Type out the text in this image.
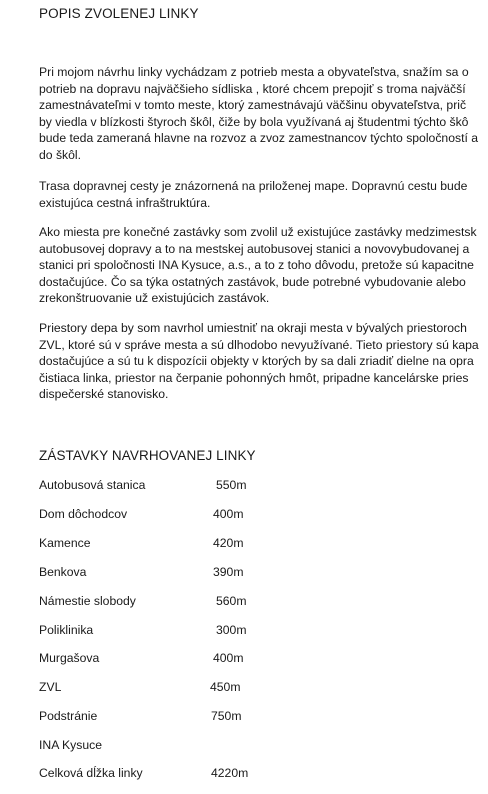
POPIS ZVOLENEJ LINKY
Pri mojom návrhu linky vychádzam z potrieb mesta a obyvateľstva, snažím sa o
potrieb na dopravu najväčšieho sídliska , ktoré chcem prepojiť s troma najväčší
zamestnávateľmi v tomto meste, ktorý zamestnávajú väčšinu obyvateľstva, prič
by viedla v blízkosti štyroch škôl, čiže by bola využívaná aj študentmi týchto škô
bude teda zameraná hlavne na rozvoz a zvoz zamestnancov týchto spoločností a
do škôl.
Trasa dopravnej cesty je znázornená na priloženej mape. Dopravnú cestu bude
existujúca cestná infraštruktúra.
Ako miesta pre konečné zastávky som zvolil už existujúce zastávky medzimestsk
autobusovej dopravy a to na mestskej autobusovej stanici a novovybudovanej a
stanici pri spoločnosti INA Kysuce, a.s., a to z toho dôvodu, pretože sú kapacitne
dostačujúce. Čo sa týka ostatných zastávok, bude potrebné vybudovanie alebo
zrekonštruovanie už existujúcich zastávok.
Priestory depa by som navrhol umiestniť na okraji mesta v bývalých priestoroch
ZVL, ktoré sú v správe mesta a sú dlhodobo nevyužívané. Tieto priestory sú kapa
dostačujúce a sú tu k dispozícii objekty v ktorých by sa dali zriadiť dielne na opra
čistiaca linka, priestor na čerpanie pohonných hmôt, pripadne kancelárske pries
dispečerské stanovisko.
ZÁSTAVKY NAVRHOVANEJ LINKY
Autobusová stanica	550m
Dom dôchodcov	400m
Kamence	420m
Benkova	390m
Námestie slobody	560m
Poliklinika	300m
Murgašova	400m
ZVL	450m
Podstránie	750m
INA Kysuce
Celková dĺžka linky	4220m
